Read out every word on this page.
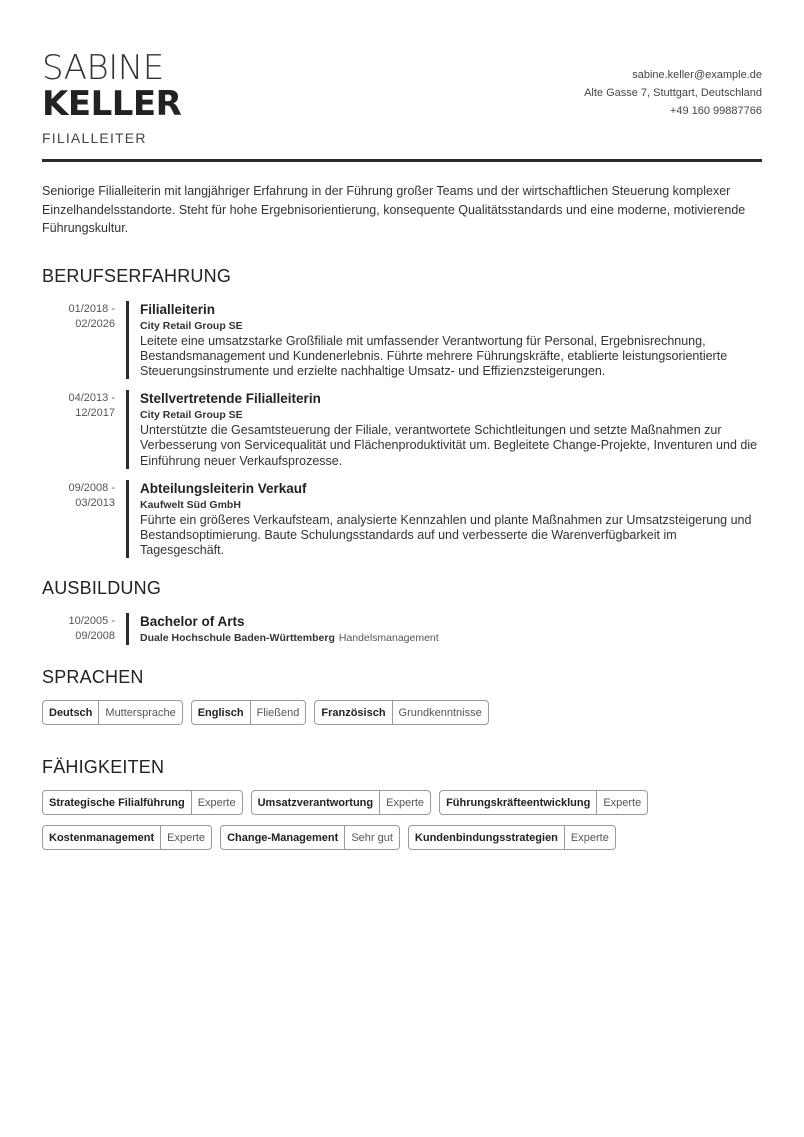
SABINE
KELLER
FILIALLEITER
sabine.keller@example.de
Alte Gasse 7, Stuttgart, Deutschland
+49 160 99887766

Seniorige Filialleiterin mit langjähriger Erfahrung in der Führung großer Teams und der wirtschaftlichen Steuerung komplexer Einzelhandelsstandorte. Steht für hohe Ergebnisorientierung, konsequente Qualitätsstandards und eine moderne, motivierende Führungskultur.

BERUFSERFAHRUNG
01/2018 -
02/2026
Filialleiterin
City Retail Group SE
Leitete eine umsatzstarke Großfiliale mit umfassender Verantwortung für Personal, Ergebnisrechnung, Bestandsmanagement und Kundenerlebnis. Führte mehrere Führungskräfte, etablierte leistungsorientierte Steuerungsinstrumente und erzielte nachhaltige Umsatz- und Effizienzsteigerungen.
04/2013 -
12/2017
Stellvertretende Filialleiterin
City Retail Group SE
Unterstützte die Gesamtsteuerung der Filiale, verantwortete Schichtleitungen und setzte Maßnahmen zur Verbesserung von Servicequalität und Flächenproduktivität um. Begleitete Change-Projekte, Inventuren und die Einführung neuer Verkaufsprozesse.
09/2008 -
03/2013
Abteilungsleiterin Verkauf
Kaufwelt Süd GmbH
Führte ein größeres Verkaufsteam, analysierte Kennzahlen und plante Maßnahmen zur Umsatzsteigerung und Bestandsoptimierung. Baute Schulungsstandards auf und verbesserte die Warenverfügbarkeit im Tagesgeschäft.
AUSBILDUNG
10/2005 -
09/2008
Bachelor of Arts
Duale Hochschule Baden-Württemberg Handelsmanagement
SPRACHEN
Deutsch	Muttersprache	Englisch	Fließend	Französisch	Grundkenntnisse
FÄHIGKEITEN
Strategische Filialführung	Experte	Umsatzverantwortung	Experte	Führungskräfteentwicklung	Experte
Kostenmanagement	Experte	Change-Management	Sehr gut	Kundenbindungsstrategien	Experte
